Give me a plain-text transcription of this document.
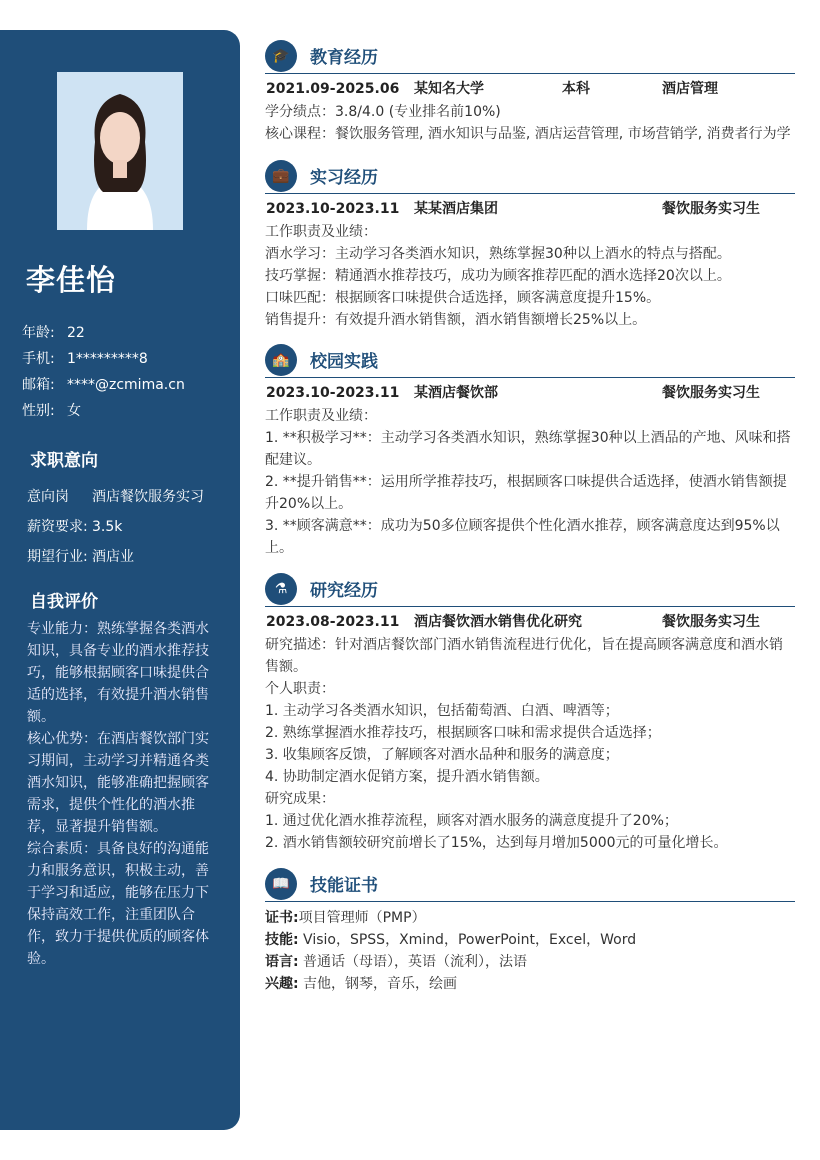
李佳怡
年龄: 22
手机: 1*********8
邮箱: ****@zcmima.cn
性别: 女
求职意向
意向岗 酒店餐饮服务实习
薪资要求: 3.5k
期望行业: 酒店业
自我评价
专业能力：熟练掌握各类酒水知识，具备专业的酒水推荐技巧，能够根据顾客口味提供合适的选择，有效提升酒水销售额。
核心优势：在酒店餐饮部门实习期间，主动学习并精通各类酒水知识，能够准确把握顾客需求，提供个性化的酒水推荐，显著提升销售额。
综合素质：具备良好的沟通能力和服务意识，积极主动，善于学习和适应，能够在压力下保持高效工作，注重团队合作，致力于提供优质的顾客体验。
🎓	教育经历
2021.09-2025.06 某知名大学	本科	酒店管理
学分绩点：3.8/4.0 (专业排名前10%)
核心课程：餐饮服务管理, 酒水知识与品鉴, 酒店运营管理, 市场营销学, 消费者行为学
💼	实习经历
2023.10-2023.11 某某酒店集团	餐饮服务实习生
工作职责及业绩：
酒水学习：主动学习各类酒水知识，熟练掌握30种以上酒水的特点与搭配。
技巧掌握：精通酒水推荐技巧，成功为顾客推荐匹配的酒水选择20次以上。
口味匹配：根据顾客口味提供合适选择，顾客满意度提升15%。
销售提升：有效提升酒水销售额，酒水销售额增长25%以上。
🏫	校园实践
2023.10-2023.11 某酒店餐饮部	餐饮服务实习生
工作职责及业绩：
1. **积极学习**：主动学习各类酒水知识，熟练掌握30种以上酒品的产地、风味和搭配建议。
2. **提升销售**：运用所学推荐技巧，根据顾客口味提供合适选择，使酒水销售额提升20%以上。
3. **顾客满意**：成功为50多位顾客提供个性化酒水推荐，顾客满意度达到95%以上。
⚗	研究经历
2023.08-2023.11 酒店餐饮酒水销售优化研究	餐饮服务实习生
研究描述：针对酒店餐饮部门酒水销售流程进行优化，旨在提高顾客满意度和酒水销售额。
个人职责：
1. 主动学习各类酒水知识，包括葡萄酒、白酒、啤酒等；
2. 熟练掌握酒水推荐技巧，根据顾客口味和需求提供合适选择；
3. 收集顾客反馈，了解顾客对酒水品种和服务的满意度；
4. 协助制定酒水促销方案，提升酒水销售额。
研究成果：
1. 通过优化酒水推荐流程，顾客对酒水服务的满意度提升了20%；
2. 酒水销售额较研究前增长了15%，达到每月增加5000元的可量化增长。
📖	技能证书
证书:项目管理师（PMP）
技能: Visio，SPSS，Xmind，PowerPoint，Excel，Word
语言: 普通话（母语），英语（流利），法语
兴趣: 吉他，钢琴，音乐，绘画
